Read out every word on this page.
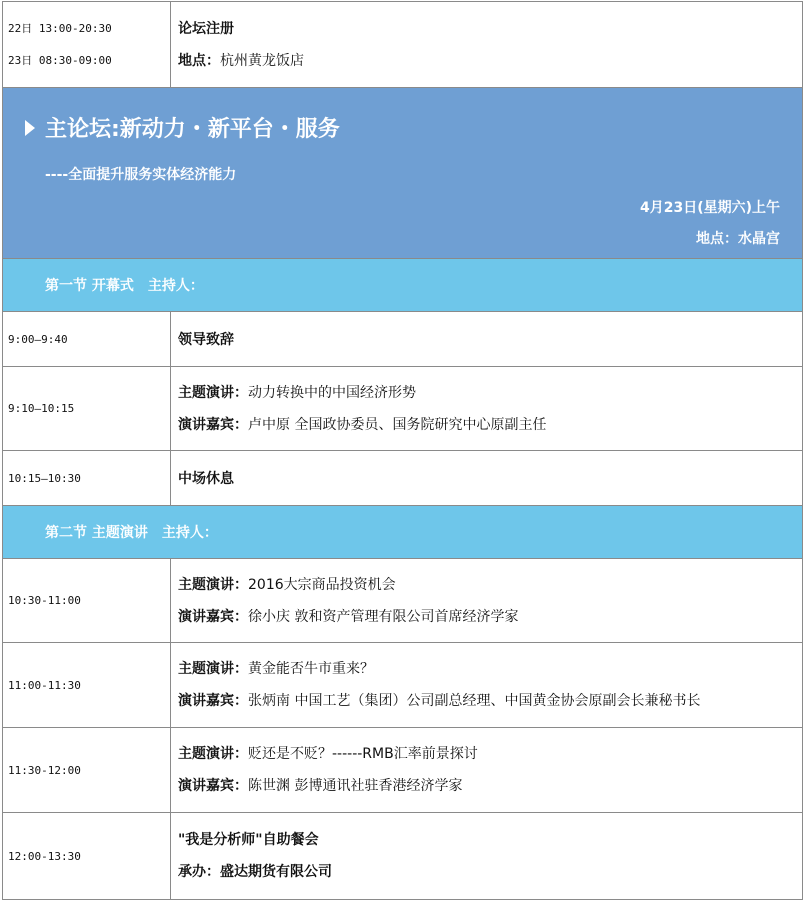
22日 13:00-20:30
23日 08:30-09:00
论坛注册
地点：杭州黄龙饭店
主论坛:新动力・新平台・服务
----全面提升服务实体经济能力
4月23日(星期六)上午
地点：水晶宫
第一节 开幕式 主持人：
9:00—9:40	领导致辞
9:10—10:15
主题演讲：动力转换中的中国经济形势
演讲嘉宾：卢中原 全国政协委员、国务院研究中心原副主任
10:15—10:30	中场休息
第二节 主题演讲 主持人：
10:30-11:00
主题演讲：2016大宗商品投资机会
演讲嘉宾：徐小庆 敦和资产管理有限公司首席经济学家
11:00-11:30
主题演讲：黄金能否牛市重来？
演讲嘉宾：张炳南 中国工艺（集团）公司副总经理、中国黄金协会原副会长兼秘书长
11:30-12:00
主题演讲：贬还是不贬？------RMB汇率前景探讨
演讲嘉宾：陈世渊 彭博通讯社驻香港经济学家
12:00-13:30
"我是分析师"自助餐会
承办：盛达期货有限公司
